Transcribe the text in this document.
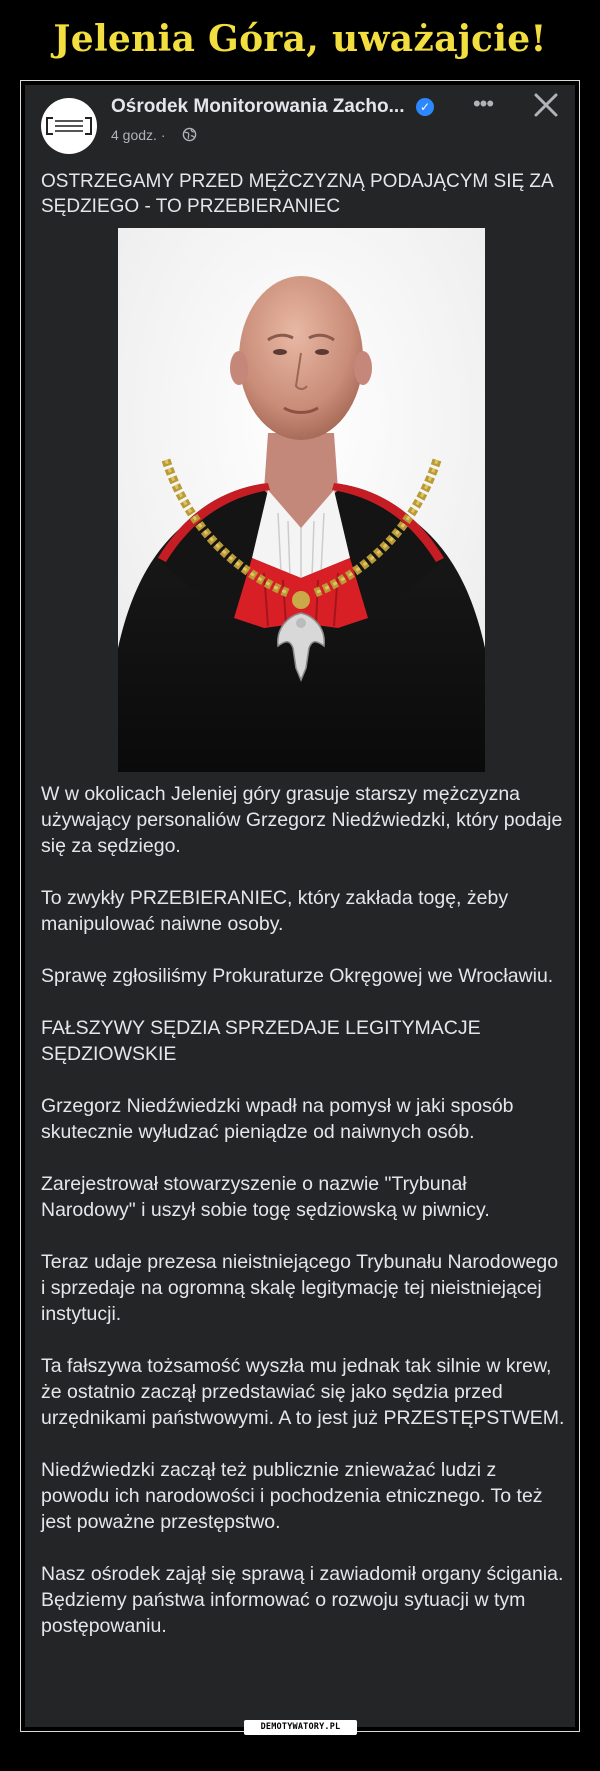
Jelenia Góra, uważajcie!
Ośrodek Monitorowania Zacho...	✓
4 godz. ·
•••
OSTRZEGAMY PRZED MĘŻCZYZNĄ PODAJĄCYM SIĘ ZA SĘDZIEGO - TO PRZEBIERANIEC

W w okolicach Jeleniej góry grasuje starszy mężczyzna używający personaliów Grzegorz Niedźwiedzki, który podaje się za sędziego.

To zwykły PRZEBIERANIEC, który zakłada togę, żeby manipulować naiwne osoby.

Sprawę zgłosiliśmy Prokuraturze Okręgowej we Wrocławiu.

FAŁSZYWY SĘDZIA SPRZEDAJE LEGITYMACJE SĘDZIOWSKIE

Grzegorz Niedźwiedzki wpadł na pomysł w jaki sposób skutecznie wyłudzać pieniądze od naiwnych osób.

Zarejestrował stowarzyszenie o nazwie "Trybunał Narodowy" i uszył sobie togę sędziowską w piwnicy.

Teraz udaje prezesa nieistniejącego Trybunału Narodowego i sprzedaje na ogromną skalę legitymację tej nieistniejącej instytucji.

Ta fałszywa tożsamość wyszła mu jednak tak silnie w krew, że ostatnio zaczął przedstawiać się jako sędzia przed urzędnikami państwowymi. A to jest już PRZESTĘPSTWEM.

Niedźwiedzki zaczął też publicznie znieważać ludzi z powodu ich narodowości i pochodzenia etnicznego. To też jest poważne przestępstwo.

Nasz ośrodek zajął się sprawą i zawiadomił organy ścigania. Będziemy państwa informować o rozwoju sytuacji w tym postępowaniu.

DEMOTYWATORY.PL
